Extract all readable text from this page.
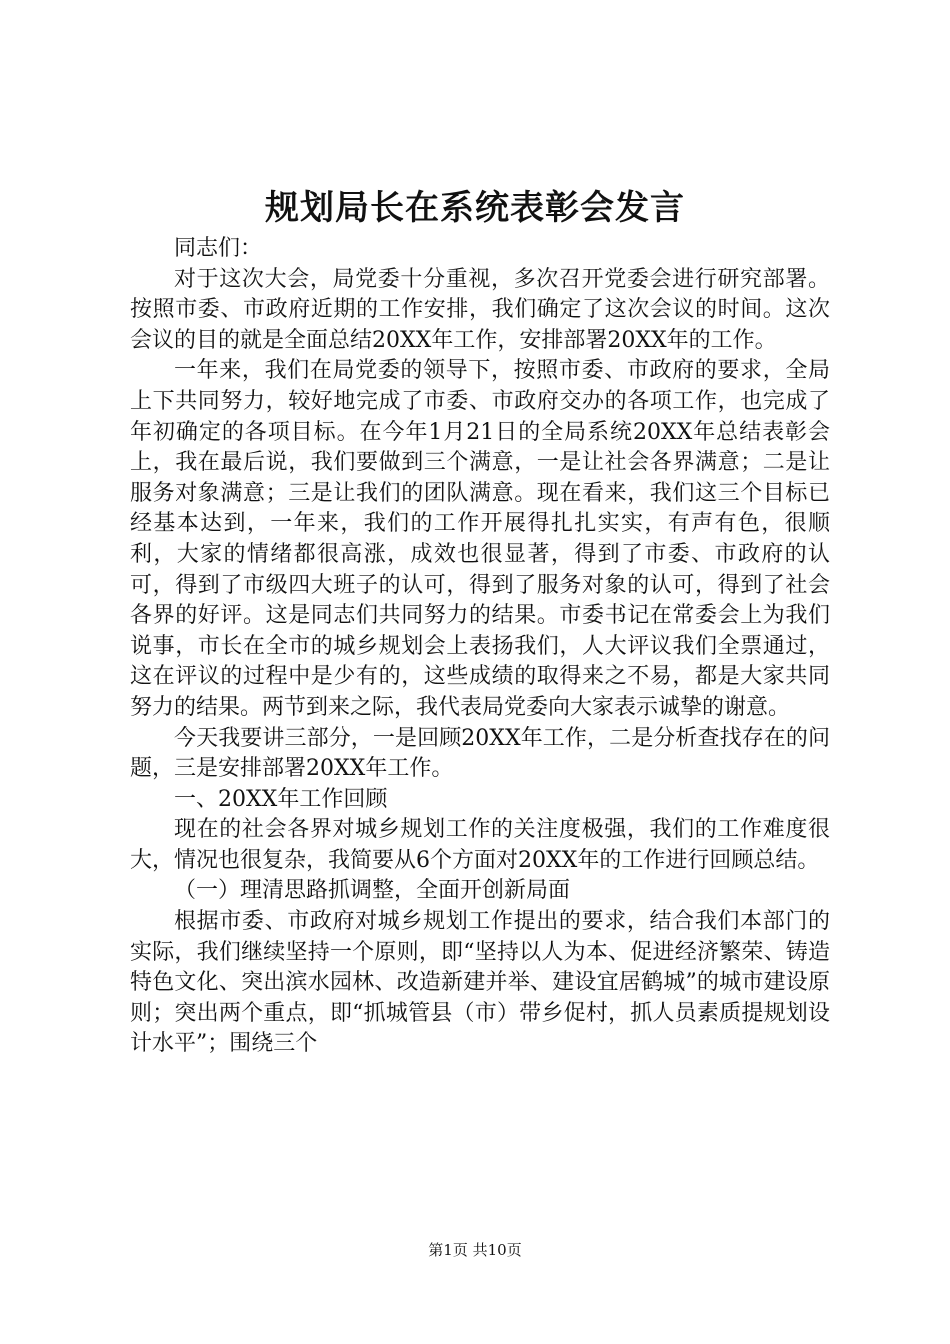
规划局长在系统表彰会发言

同志们：

对于这次大会，局党委十分重视，多次召开党委会进行研究部署。按照市委、市政府近期的工作安排，我们确定了这次会议的时间。这次会议的目的就是全面总结20XX年工作，安排部署20XX年的工作。

一年来，我们在局党委的领导下，按照市委、市政府的要求，全局上下共同努力，较好地完成了市委、市政府交办的各项工作，也完成了年初确定的各项目标。在今年1月21日的全局系统20XX年总结表彰会上，我在最后说，我们要做到三个满意，一是让社会各界满意；二是让服务对象满意；三是让我们的团队满意。现在看来，我们这三个目标已经基本达到，一年来，我们的工作开展得扎扎实实，有声有色，很顺利，大家的情绪都很高涨，成效也很显著，得到了市委、市政府的认可，得到了市级四大班子的认可，得到了服务对象的认可，得到了社会各界的好评。这是同志们共同努力的结果。市委书记在常委会上为我们说事，市长在全市的城乡规划会上表扬我们，人大评议我们全票通过，这在评议的过程中是少有的，这些成绩的取得来之不易，都是大家共同努力的结果。两节到来之际，我代表局党委向大家表示诚挚的谢意。

今天我要讲三部分，一是回顾20XX年工作，二是分析查找存在的问题，三是安排部署20XX年工作。

一、20XX年工作回顾

现在的社会各界对城乡规划工作的关注度极强，我们的工作难度很大，情况也很复杂，我简要从6个方面对20XX年的工作进行回顾总结。

（一）理清思路抓调整，全面开创新局面

根据市委、市政府对城乡规划工作提出的要求，结合我们本部门的实际，我们继续坚持一个原则，即“坚持以人为本、促进经济繁荣、铸造特色文化、突出滨水园林、改造新建并举、建设宜居鹤城”的城市建设原则；突出两个重点，即“抓城管县（市）带乡促村，抓人员素质提规划设计水平”；围绕三个

第1页 共10页
